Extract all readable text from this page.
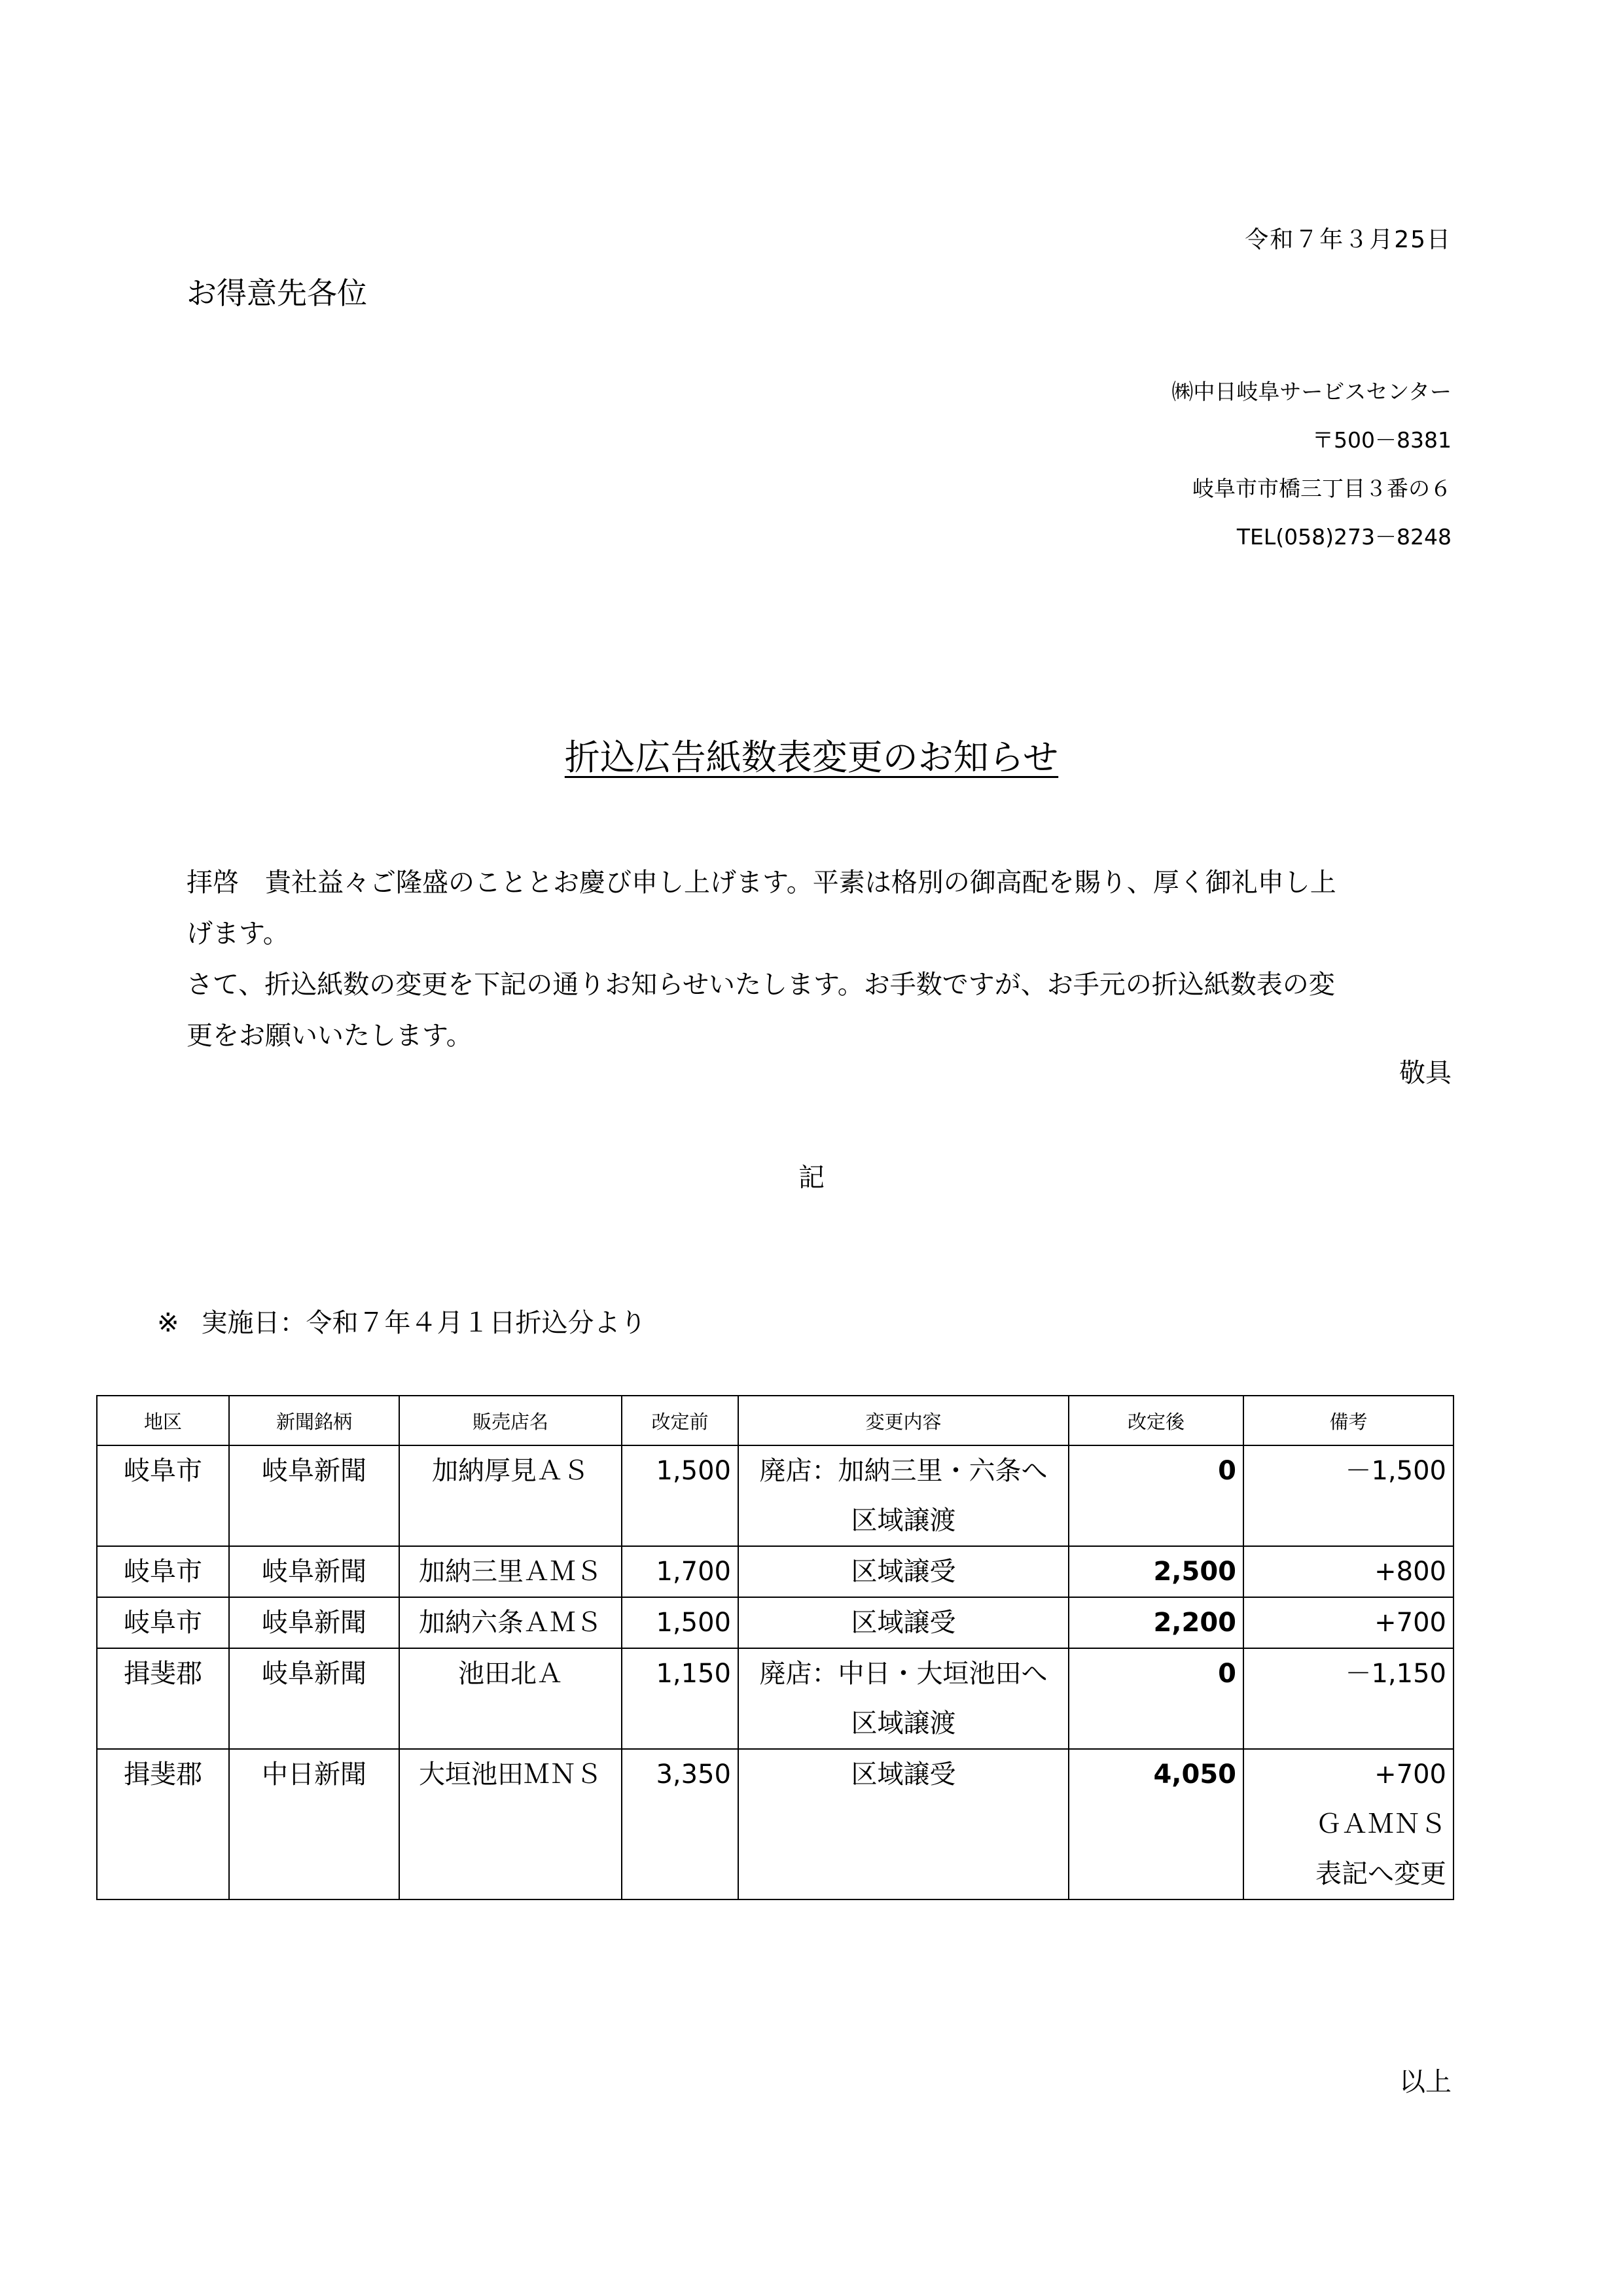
令和７年３月25日
お得意先各位
㈱中日岐阜サービスセンター
〒500－8381
岐阜市市橋三丁目３番の６
TEL(058)273－8248
折込広告紙数表変更のお知らせ
拝啓　貴社益々ご隆盛のこととお慶び申し上げます。平素は格別の御高配を賜り、厚く御礼申し上
げます。
さて、折込紙数の変更を下記の通りお知らせいたします。お手数ですが、お手元の折込紙数表の変
更をお願いいたします。
敬具
記
※ 実施日：令和７年４月１日折込分より
地区	新聞銘柄	販売店名	改定前	変更内容	改定後	備考
岐阜市	岐阜新聞	加納厚見ＡＳ	1,500	廃店：加納三里・六条へ
区域譲渡	0	－1,500
岐阜市	岐阜新聞	加納三里ＡＭＳ	1,700	区域譲受	2,500	+800
岐阜市	岐阜新聞	加納六条ＡＭＳ	1,500	区域譲受	2,200	+700
揖斐郡	岐阜新聞	池田北Ａ	1,150	廃店：中日・大垣池田へ
区域譲渡	0	－1,150
揖斐郡	中日新聞	大垣池田ＭＮＳ	3,350	区域譲受	4,050	+700
ＧＡＭＮＳ
表記へ変更
以上
